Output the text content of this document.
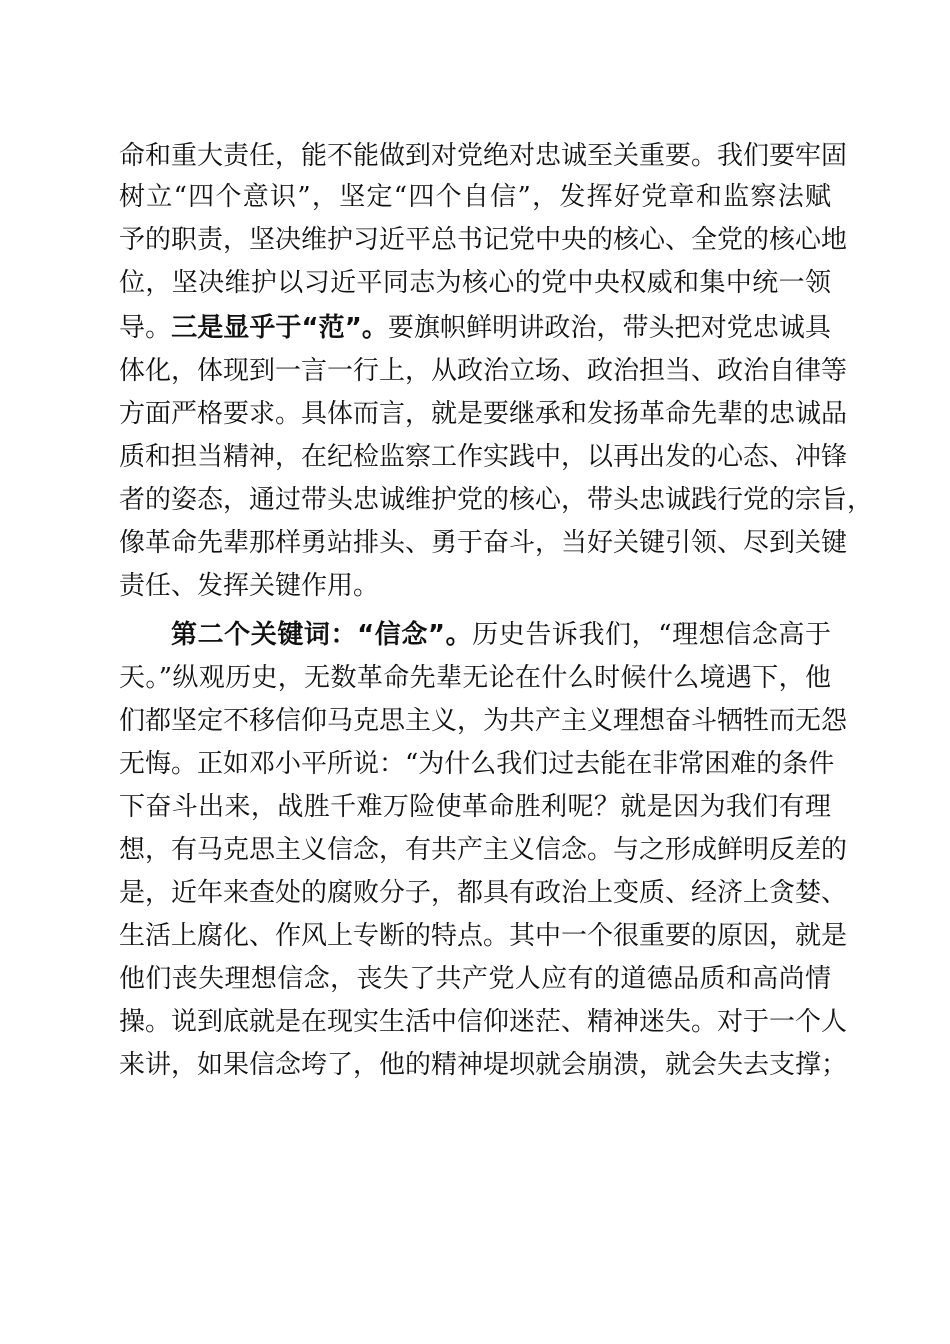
命和重大责任，能不能做到对党绝对忠诚至关重要。我们要牢固
树立“四个意识”，坚定“四个自信”，发挥好党章和监察法赋
予的职责，坚决维护习近平总书记党中央的核心、全党的核心地
位，坚决维护以习近平同志为核心的党中央权威和集中统一领
导。三是显乎于“范”。要旗帜鲜明讲政治，带头把对党忠诚具
体化，体现到一言一行上，从政治立场、政治担当、政治自律等
方面严格要求。具体而言，就是要继承和发扬革命先辈的忠诚品
质和担当精神，在纪检监察工作实践中，以再出发的心态、冲锋
者的姿态，通过带头忠诚维护党的核心，带头忠诚践行党的宗旨，
像革命先辈那样勇站排头、勇于奋斗，当好关键引领、尽到关键
责任、发挥关键作用。
第二个关键词：“信念”。历史告诉我们，“理想信念高于
天。”纵观历史，无数革命先辈无论在什么时候什么境遇下，他
们都坚定不移信仰马克思主义，为共产主义理想奋斗牺牲而无怨
无悔。正如邓小平所说：“为什么我们过去能在非常困难的条件
下奋斗出来，战胜千难万险使革命胜利呢？就是因为我们有理
想，有马克思主义信念，有共产主义信念。与之形成鲜明反差的
是，近年来查处的腐败分子，都具有政治上变质、经济上贪婪、
生活上腐化、作风上专断的特点。其中一个很重要的原因，就是
他们丧失理想信念，丧失了共产党人应有的道德品质和高尚情
操。说到底就是在现实生活中信仰迷茫、精神迷失。对于一个人
来讲，如果信念垮了，他的精神堤坝就会崩溃，就会失去支撑；
